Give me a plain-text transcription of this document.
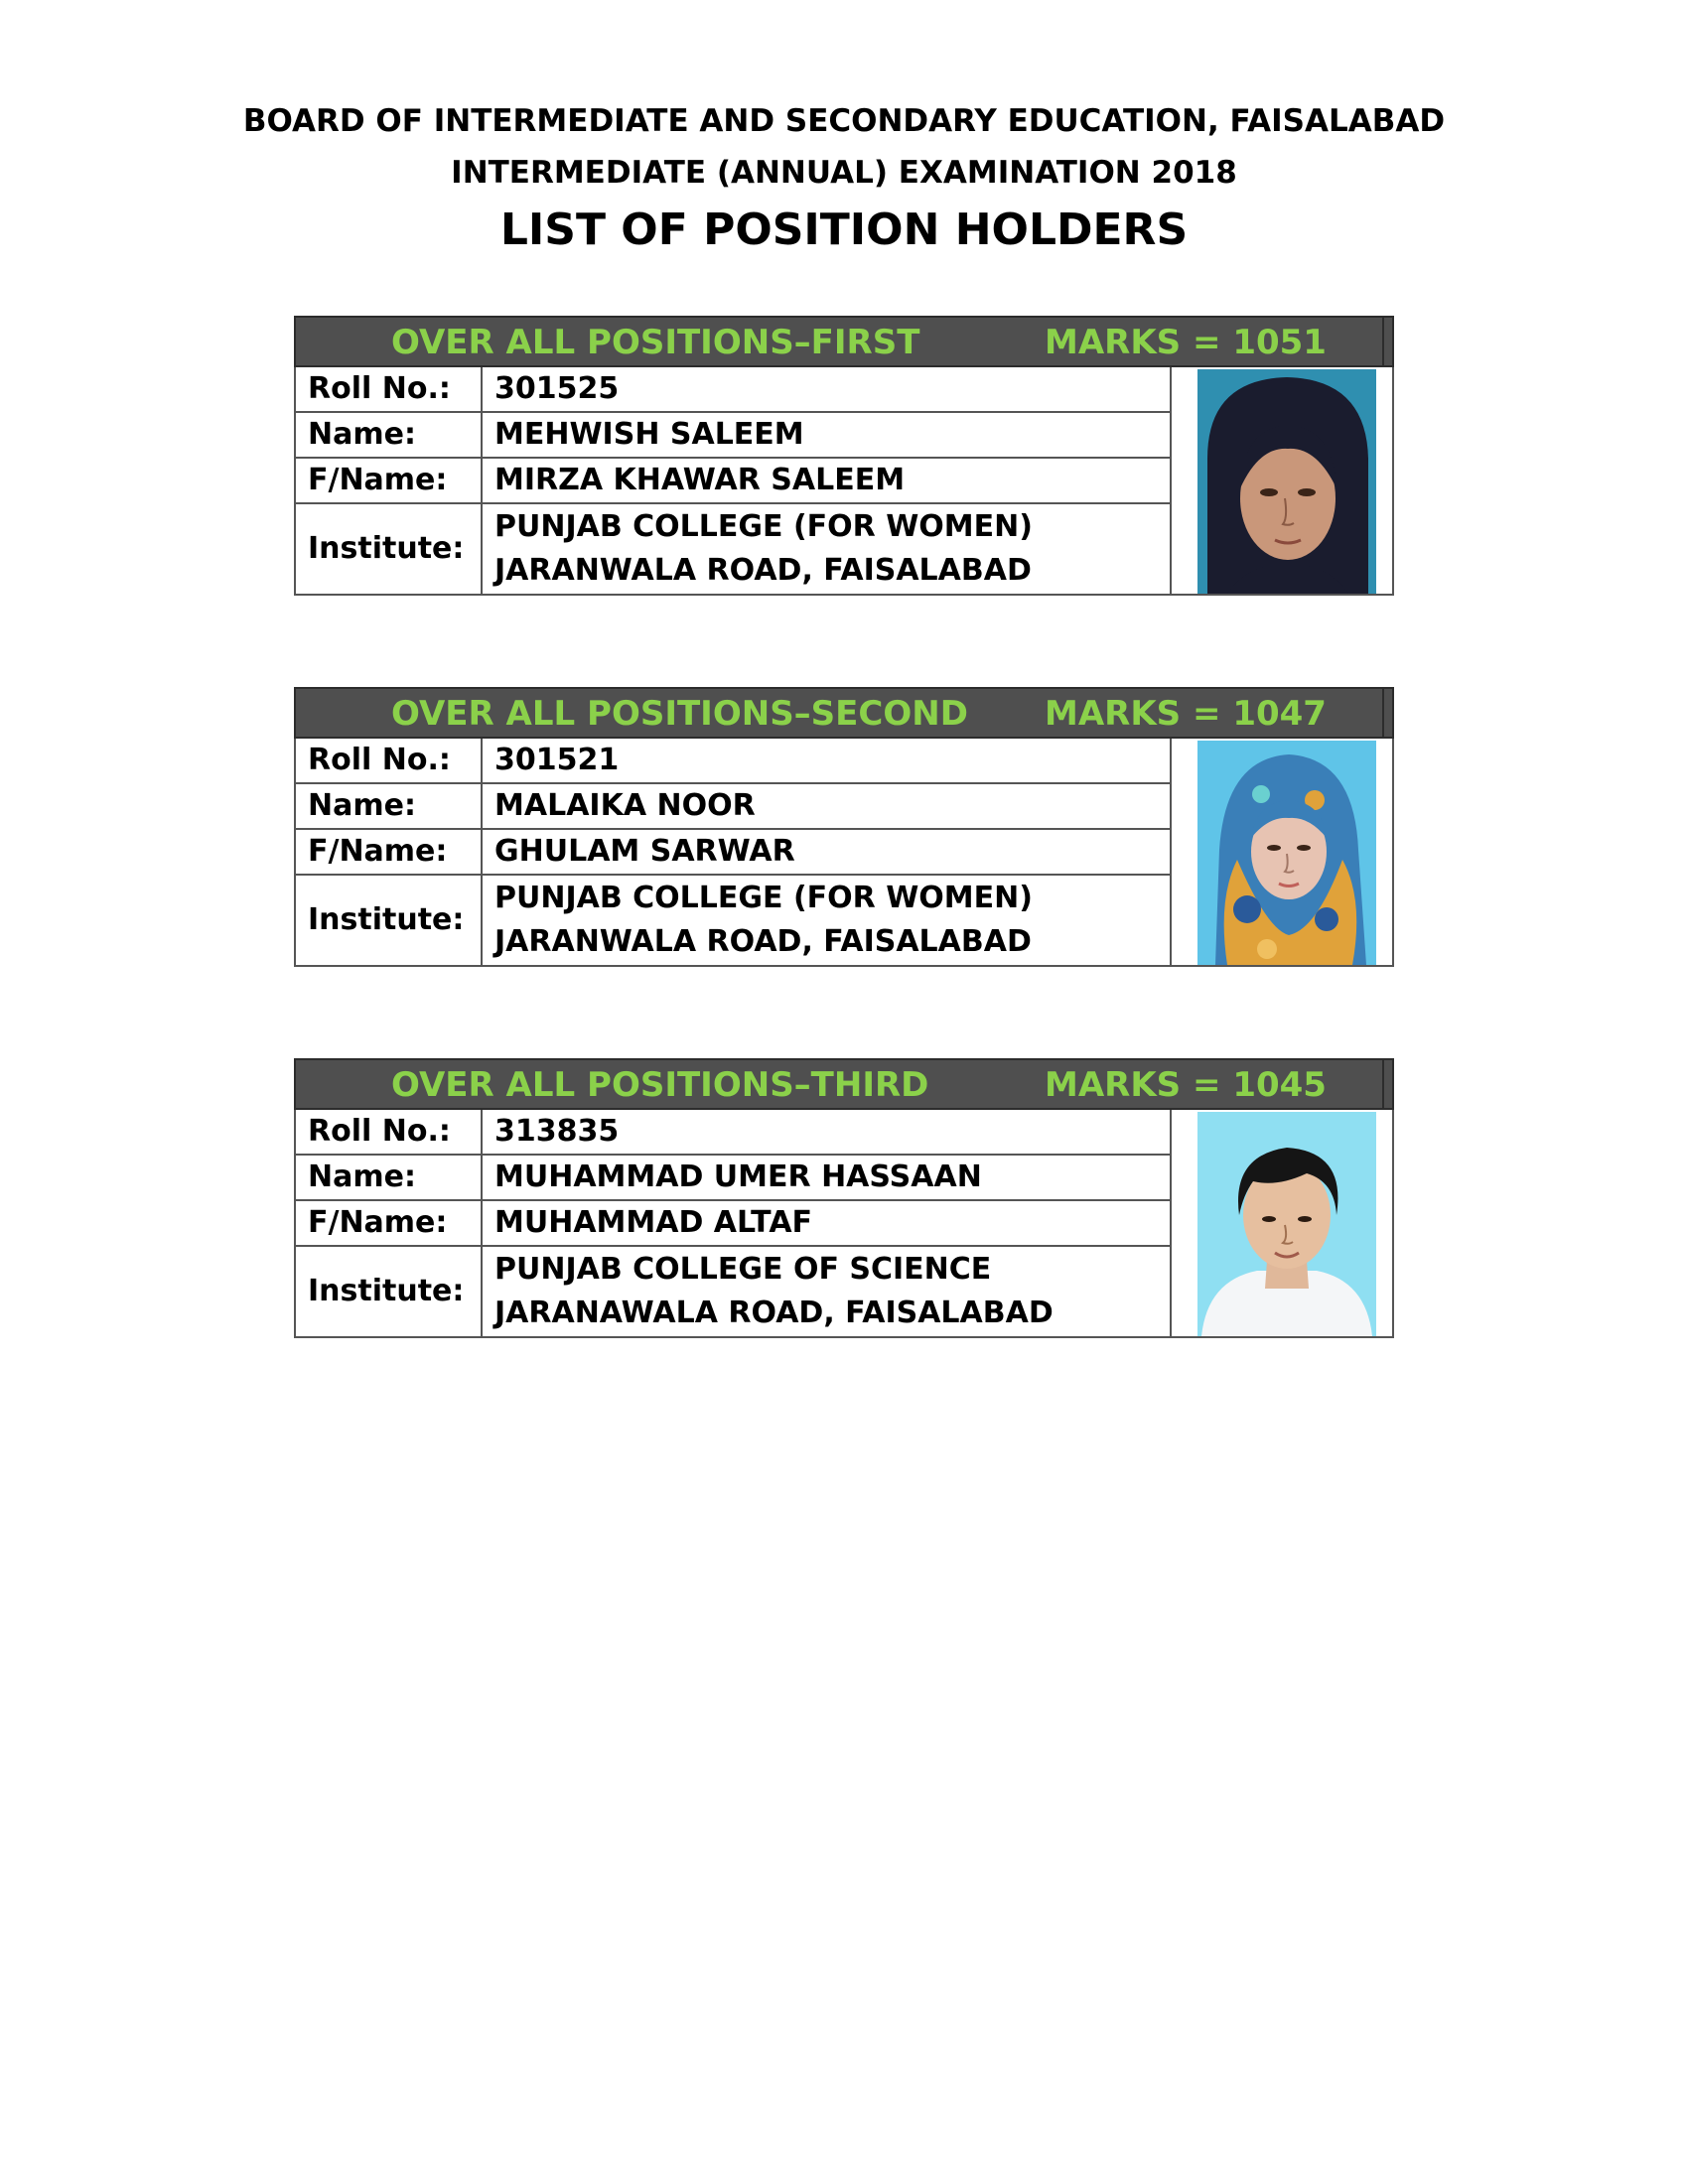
BOARD OF INTERMEDIATE AND SECONDARY EDUCATION, FAISALABAD
INTERMEDIATE (ANNUAL) EXAMINATION 2018
LIST OF POSITION HOLDERS
OVER ALL POSITIONS–FIRST	MARKS = 1051
Roll No.:	301525
Name:	MEHWISH SALEEM
F/Name:	MIRZA KHAWAR SALEEM
Institute:	PUNJAB COLLEGE (FOR WOMEN)
JARANWALA ROAD, FAISALABAD
OVER ALL POSITIONS–SECOND MARKS = 1047
Roll No.:	301521
Name:	MALAIKA NOOR
F/Name:	GHULAM SARWAR
Institute:	PUNJAB COLLEGE (FOR WOMEN)
JARANWALA ROAD, FAISALABAD
OVER ALL POSITIONS–THIRD	MARKS = 1045
Roll No.:	313835
Name:	MUHAMMAD UMER HASSAAN
F/Name:	MUHAMMAD ALTAF
Institute:	PUNJAB COLLEGE OF SCIENCE
JARANAWALA ROAD, FAISALABAD
